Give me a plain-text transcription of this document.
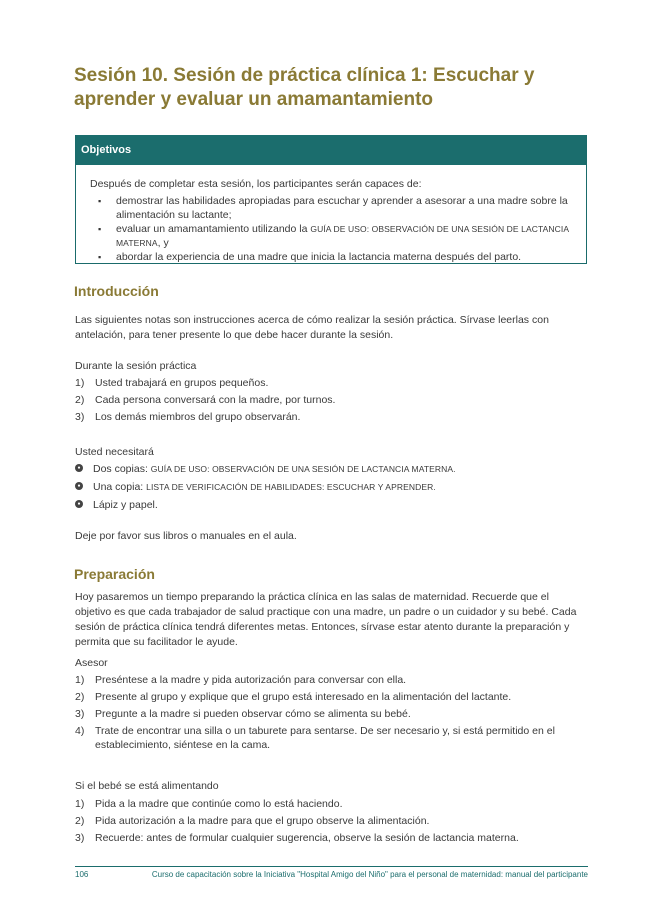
Sesión 10. Sesión de práctica clínica 1: Escuchar y aprender y evaluar un amamantamiento
Objetivos
Después de completar esta sesión, los participantes serán capaces de:
▪ demostrar las habilidades apropiadas para escuchar y aprender a asesorar a una madre sobre la alimentación su lactante;
▪ evaluar un amamantamiento utilizando la GUÍA DE USO: OBSERVACIÓN DE UNA SESIÓN DE LACTANCIA MATERNA, y
▪ abordar la experiencia de una madre que inicia la lactancia materna después del parto.
Introducción

Las siguientes notas son instrucciones acerca de cómo realizar la sesión práctica. Sírvase leerlas con antelación, para tener presente lo que debe hacer durante la sesión.

Durante la sesión práctica

1) Usted trabajará en grupos pequeños.
2) Cada persona conversará con la madre, por turnos.
3) Los demás miembros del grupo observarán.

Usted necesitará

● Dos copias: GUÍA DE USO: OBSERVACIÓN DE UNA SESIÓN DE LACTANCIA MATERNA.
● Una copia: LISTA DE VERIFICACIÓN DE HABILIDADES: ESCUCHAR Y APRENDER.
● Lápiz y papel.

Deje por favor sus libros o manuales en el aula.

Preparación

Hoy pasaremos un tiempo preparando la práctica clínica en las salas de maternidad. Recuerde que el objetivo es que cada trabajador de salud practique con una madre, un padre o un cuidador y su bebé. Cada sesión de práctica clínica tendrá diferentes metas. Entonces, sírvase estar atento durante la preparación y permita que su facilitador le ayude.

Asesor

1) Preséntese a la madre y pida autorización para conversar con ella.
2) Presente al grupo y explique que el grupo está interesado en la alimentación del lactante.
3) Pregunte a la madre si pueden observar cómo se alimenta su bebé.
4) Trate de encontrar una silla o un taburete para sentarse. De ser necesario y, si está permitido en el establecimiento, siéntese en la cama.

Si el bebé se está alimentando

1) Pida a la madre que continúe como lo está haciendo.
2) Pida autorización a la madre para que el grupo observe la alimentación.
3) Recuerde: antes de formular cualquier sugerencia, observe la sesión de lactancia materna.
106	Curso de capacitación sobre la Iniciativa "Hospital Amigo del Niño" para el personal de maternidad: manual del participante
